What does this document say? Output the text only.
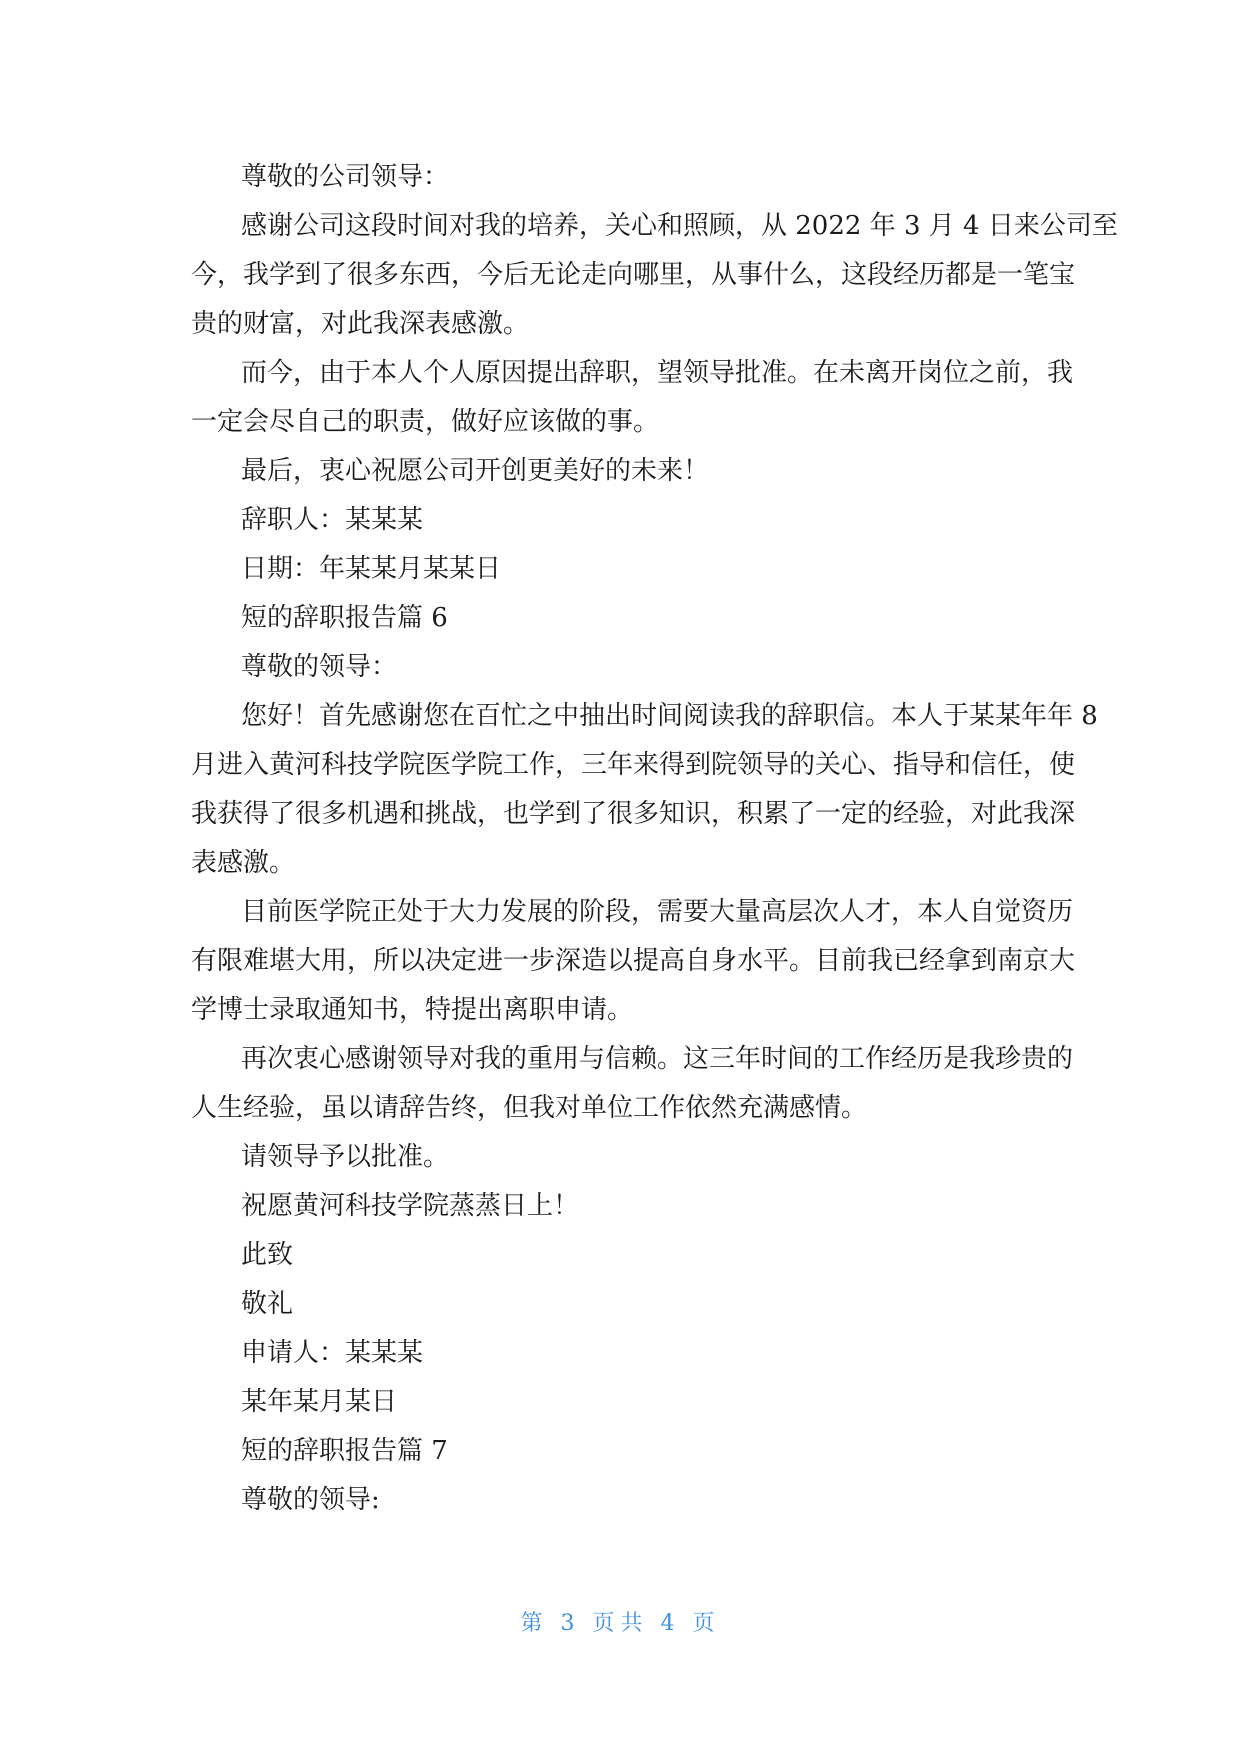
尊敬的公司领导：
感谢公司这段时间对我的培养，关心和照顾，从 2022 年 3 月 4 日来公司至
今，我学到了很多东西，今后无论走向哪里，从事什么，这段经历都是一笔宝
贵的财富，对此我深表感激。
而今，由于本人个人原因提出辞职，望领导批准。在未离开岗位之前，我
一定会尽自己的职责，做好应该做的事。
最后，衷心祝愿公司开创更美好的未来！
辞职人：某某某
日期：年某某月某某日
短的辞职报告篇 6
尊敬的领导：
您好！首先感谢您在百忙之中抽出时间阅读我的辞职信。本人于某某年年 8
月进入黄河科技学院医学院工作，三年来得到院领导的关心、指导和信任，使
我获得了很多机遇和挑战，也学到了很多知识，积累了一定的经验，对此我深
表感激。
目前医学院正处于大力发展的阶段，需要大量高层次人才，本人自觉资历
有限难堪大用，所以决定进一步深造以提高自身水平。目前我已经拿到南京大
学博士录取通知书，特提出离职申请。
再次衷心感谢领导对我的重用与信赖。这三年时间的工作经历是我珍贵的
人生经验，虽以请辞告终，但我对单位工作依然充满感情。
请领导予以批准。
祝愿黄河科技学院蒸蒸日上！
此致
敬礼
申请人：某某某
某年某月某日
短的辞职报告篇 7
尊敬的领导:
第 3 页共 4 页
